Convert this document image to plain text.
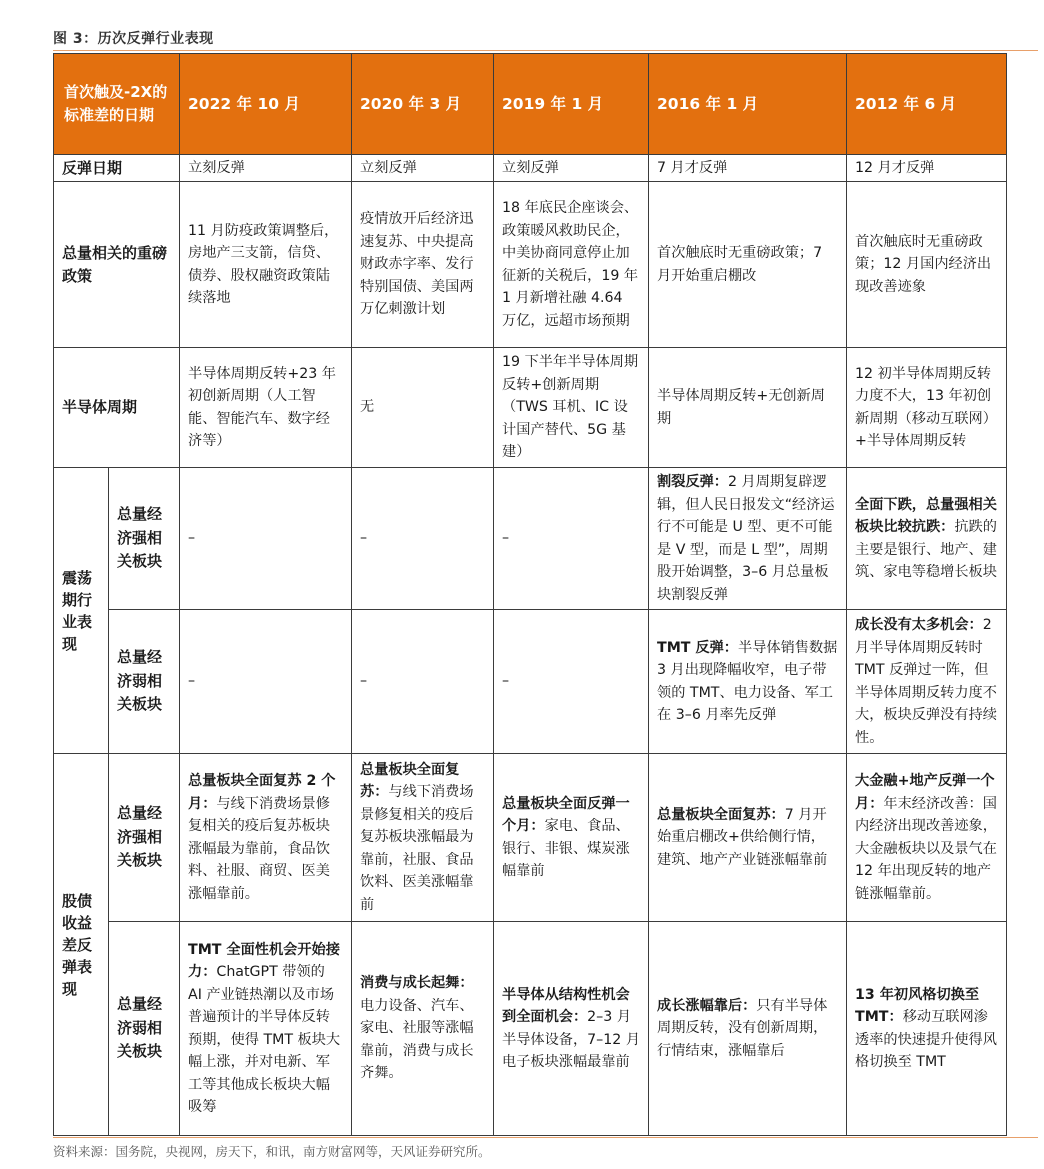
图 3：历次反弹行业表现
首次触及-2X的标准差的日期		2022 年 10 月	2020 年 3 月	2019 年 1 月	2016 年 1 月	2012 年 6 月
反弹日期		立刻反弹	立刻反弹	立刻反弹	7 月才反弹	12 月才反弹
总量相关的重磅政策		11 月防疫政策调整后，房地产三支箭，信贷、债券、股权融资政策陆续落地	疫情放开后经济迅速复苏、中央提高财政赤字率、发行特别国债、美国两万亿刺激计划	18 年底民企座谈会、政策暖风救助民企，中美协商同意停止加征新的关税后，19 年 1 月新增社融 4.64 万亿，远超市场预期	首次触底时无重磅政策；7 月开始重启棚改	首次触底时无重磅政策；12 月国内经济出现改善迹象
半导体周期		半导体周期反转+23 年初创新周期（人工智能、智能汽车、数字经济等）	无	19 下半年半导体周期反转+创新周期（TWS 耳机、IC 设计国产替代、5G 基建）	半导体周期反转+无创新周期	12 初半导体周期反转力度不大，13 年初创新周期（移动互联网）+半导体周期反转
震荡期行业表现	总量经济强相关板块	–	–	–	割裂反弹：2 月周期复辟逻辑，但人民日报发文“经济运行不可能是 U 型、更不可能是 V 型，而是 L 型”，周期股开始调整，3–6 月总量板块割裂反弹	全面下跌，总量强相关板块比较抗跌：抗跌的主要是银行、地产、建筑、家电等稳增长板块
	总量经济弱相关板块	–	–	–	TMT 反弹：半导体销售数据 3 月出现降幅收窄，电子带领的 TMT、电力设备、军工在 3–6 月率先反弹	成长没有太多机会：2 月半导体周期反转时 TMT 反弹过一阵，但半导体周期反转力度不大，板块反弹没有持续性。
股债收益差反弹表现	总量经济强相关板块	总量板块全面复苏 2 个月：与线下消费场景修复相关的疫后复苏板块涨幅最为靠前，食品饮料、社服、商贸、医美涨幅靠前。	总量板块全面复苏：与线下消费场景修复相关的疫后复苏板块涨幅最为靠前，社服、食品饮料、医美涨幅靠前	总量板块全面反弹一个月：家电、食品、银行、非银、煤炭涨幅靠前	总量板块全面复苏：7 月开始重启棚改+供给侧行情，建筑、地产产业链涨幅靠前	大金融+地产反弹一个月：年末经济改善：国内经济出现改善迹象，大金融板块以及景气在 12 年出现反转的地产链涨幅靠前。
	总量经济弱相关板块	TMT 全面性机会开始接力：ChatGPT 带领的 AI 产业链热潮以及市场普遍预计的半导体反转预期，使得 TMT 板块大幅上涨，并对电新、军工等其他成长板块大幅吸筹	消费与成长起舞：电力设备、汽车、家电、社服等涨幅靠前，消费与成长齐舞。	半导体从结构性机会到全面机会：2–3 月半导体设备，7–12 月电子板块涨幅最靠前	成长涨幅靠后：只有半导体周期反转，没有创新周期，行情结束，涨幅靠后	13 年初风格切换至 TMT：移动互联网渗透率的快速提升使得风格切换至 TMT
资料来源：国务院，央视网，房天下，和讯，南方财富网等，天风证券研究所。
